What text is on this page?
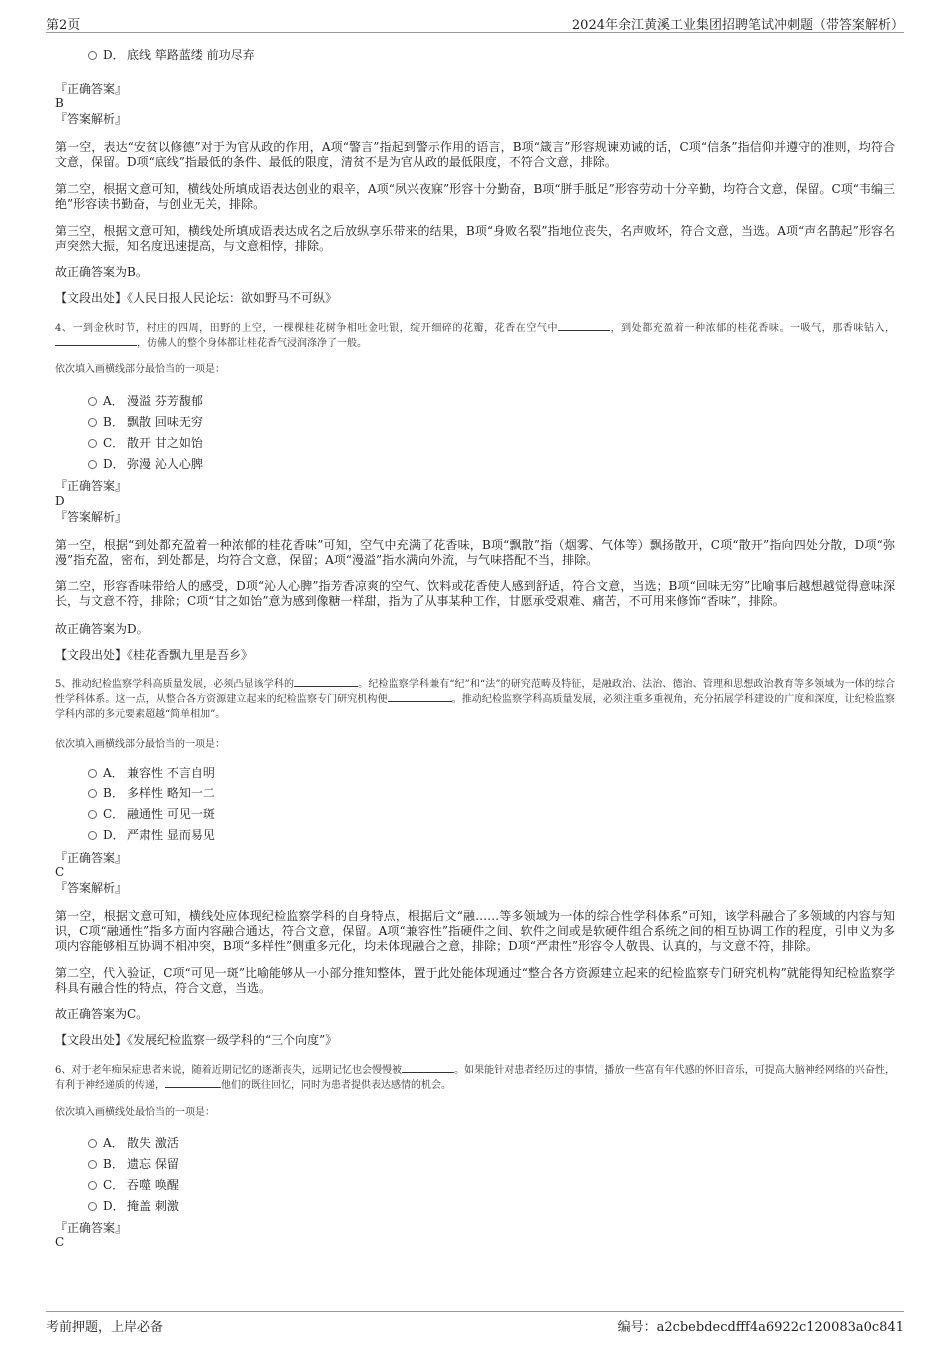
第2页	2024年余江黄溪工业集团招聘笔试冲刺题（带答案解析）
D． 底线 筚路蓝缕 前功尽弃
『正确答案』
B
『答案解析』
第一空，表达“安贫以修德”对于为官从政的作用，A项“警言”指起到警示作用的语言，B项“箴言”形容规谏劝诫的话，C项“信条”指信仰并遵守的准则，均符合文意，保留。D项“底线”指最低的条件、最低的限度，清贫不是为官从政的最低限度，不符合文意，排除。
第二空，根据文意可知，横线处所填成语表达创业的艰辛，A项“夙兴夜寐”形容十分勤奋，B项“胼手胝足”形容劳动十分辛勤，均符合文意，保留。C项“韦编三绝”形容读书勤奋，与创业无关，排除。
第三空，根据文意可知，横线处所填成语表达成名之后放纵享乐带来的结果，B项“身败名裂”指地位丧失，名声败坏，符合文意，当选。A项“声名鹊起”形容名声突然大振，知名度迅速提高，与文意相悖，排除。
故正确答案为B。
【文段出处】《人民日报人民论坛：欲如野马不可纵》
4、一到金秋时节，村庄的四周，田野的上空，一棵棵桂花树争相吐金吐银，绽开细碎的花瓣，花香在空气中	，到处都充盈着一种浓郁的桂花香味。一吸气，那香味钻入，，仿佛人的整个身体都让桂花香气浸润涤净了一般。
依次填入画横线部分最恰当的一项是：
A． 漫溢 芬芳馥郁
B． 飘散 回味无穷
C． 散开 甘之如饴
D． 弥漫 沁人心脾
『正确答案』
D
『答案解析』
第一空，根据“到处都充盈着一种浓郁的桂花香味”可知，空气中充满了花香味，B项“飘散”指（烟雾、气体等）飘扬散开，C项“散开”指向四处分散，D项“弥漫”指充盈，密布，到处都是，均符合文意，保留；A项“漫溢”指水满向外流，与气味搭配不当，排除。
第二空，形容香味带给人的感受，D项“沁人心脾”指芳香凉爽的空气、饮料或花香使人感到舒适，符合文意，当选；B项“回味无穷”比喻事后越想越觉得意味深长，与文意不符，排除；C项“甘之如饴”意为感到像糖一样甜，指为了从事某种工作，甘愿承受艰难、痛苦，不可用来修饰“香味”，排除。
故正确答案为D。
【文段出处】《桂花香飘九里是吾乡》
5、推动纪检监察学科高质量发展，必须凸显该学科的	。纪检监察学科兼有“纪”和“法”的研究范畴及特征，是融政治、法治、德治、管理和思想政治教育等多领域为一体的综合性学科体系。这一点，从整合各方资源建立起来的纪检监察专门研究机构便	。推动纪检监察学科高质量发展，必须注重多重视角，充分拓展学科建设的广度和深度，让纪检监察学科内部的多元要素超越“简单相加”。
依次填入画横线部分最恰当的一项是：
A． 兼容性 不言自明
B． 多样性 略知一二
C． 融通性 可见一斑
D． 严肃性 显而易见
『正确答案』
C
『答案解析』
第一空，根据文意可知，横线处应体现纪检监察学科的自身特点，根据后文“融……等多领域为一体的综合性学科体系”可知，该学科融合了多领域的内容与知识，C项“融通性”指多方面内容融合通达，符合文意，保留。A项“兼容性”指硬件之间、软件之间或是软硬件组合系统之间的相互协调工作的程度，引申义为多项内容能够相互协调不相冲突，B项“多样性”侧重多元化，均未体现融合之意，排除；D项“严肃性”形容令人敬畏、认真的，与文意不符，排除。
第二空，代入验证，C项“可见一斑”比喻能够从一小部分推知整体，置于此处能体现通过“整合各方资源建立起来的纪检监察专门研究机构”就能得知纪检监察学科具有融合性的特点，符合文意，当选。
故正确答案为C。
【文段出处】《发展纪检监察一级学科的“三个向度”》
6、对于老年痴呆症患者来说，随着近期记忆的逐渐丧失，远期记忆也会慢慢被	。如果能针对患者经历过的事情，播放一些富有年代感的怀旧音乐，可提高大脑神经网络的兴奋性，有利于神经递质的传递，	他们的既往回忆，同时为患者提供表达感情的机会。
依次填入画横线处最恰当的一项是：
A． 散失 激活
B． 遗忘 保留
C． 吞噬 唤醒
D． 掩盖 刺激
『正确答案』
C
考前押题，上岸必备	编号：a2cbebdecdfff4a6922c120083a0c841
